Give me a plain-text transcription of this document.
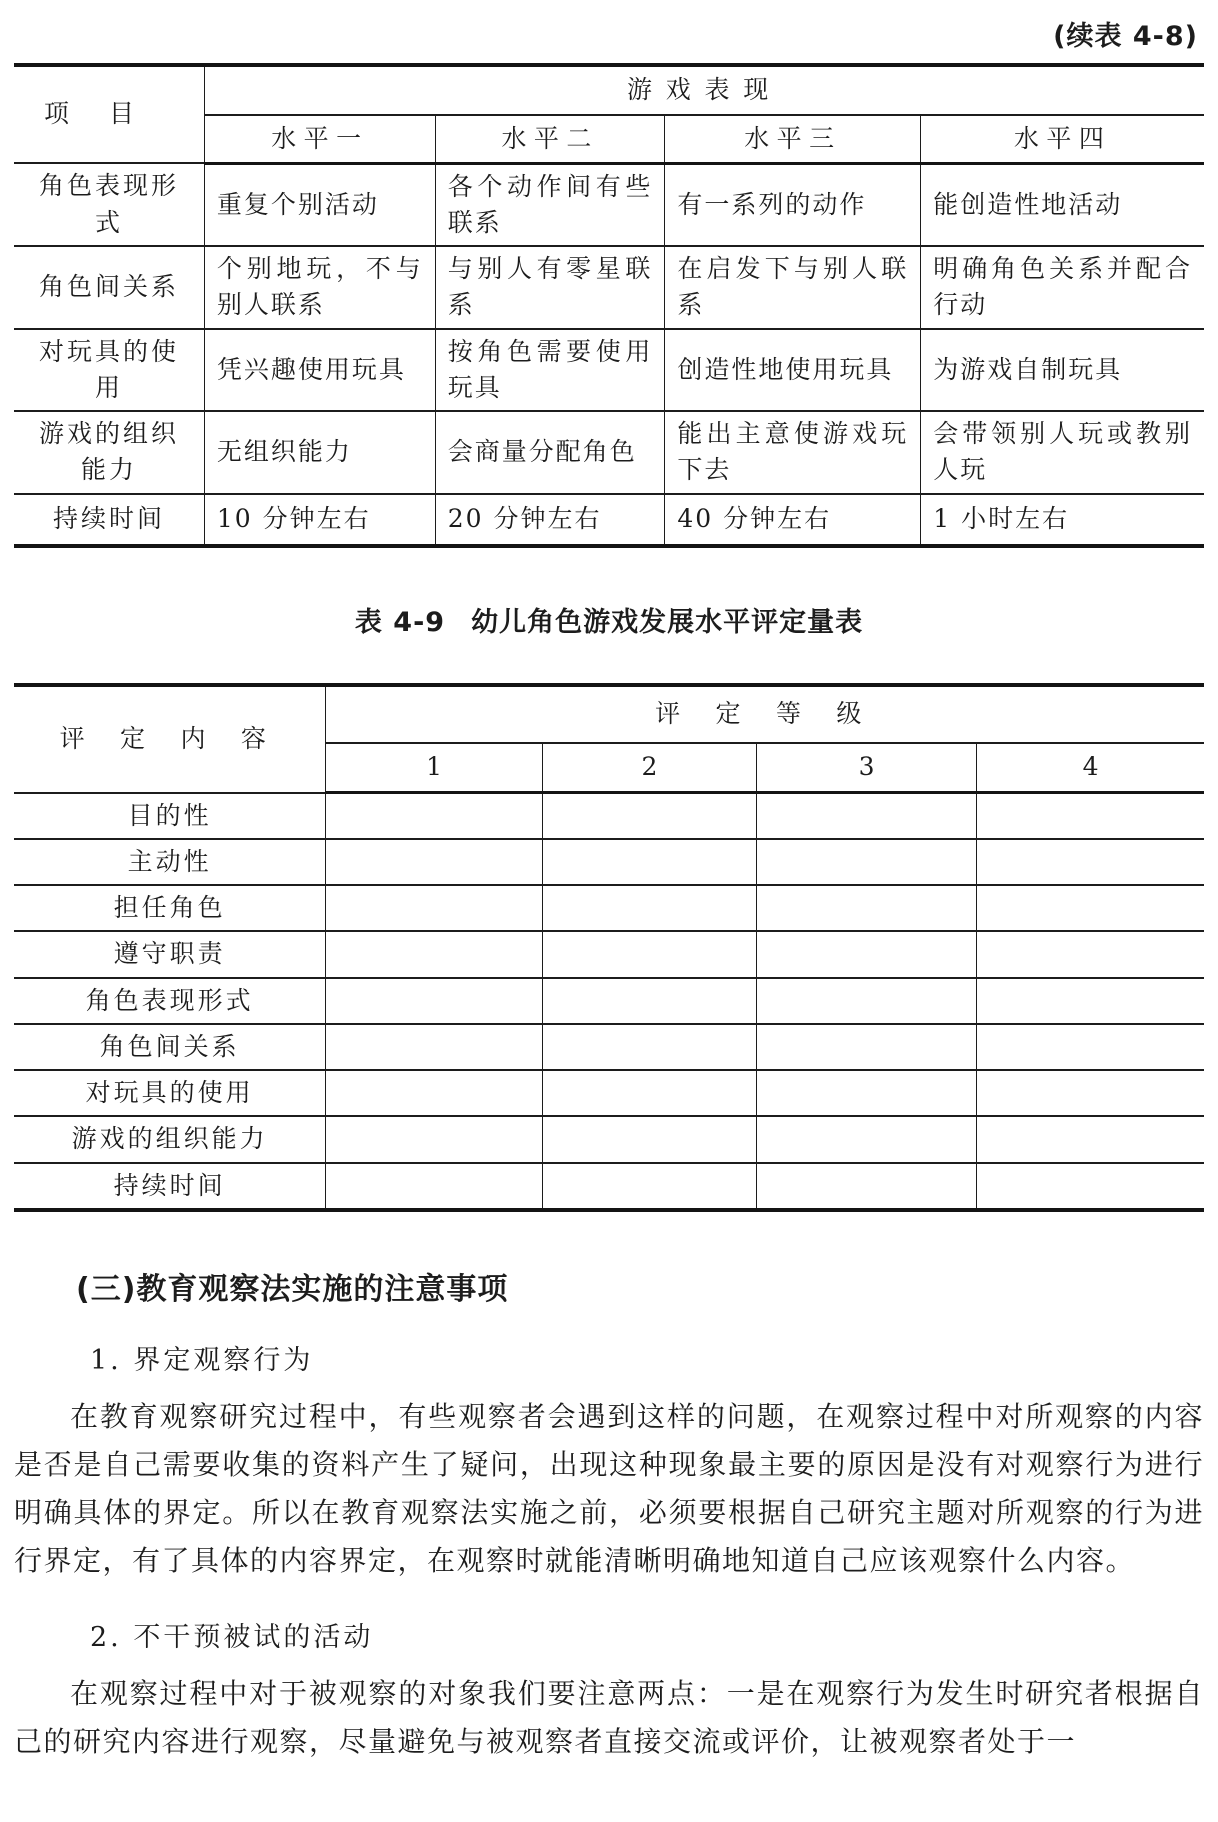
(续表 4-8)
项目	游戏表现			
	水平一	水平二	水平三	水平四
角色表现形式	重复个别活动	各个动作间有些联系	有一系列的动作	能创造性地活动
角色间关系	个别地玩，不与别人联系	与别人有零星联系	在启发下与别人联系	明确角色关系并配合行动
对玩具的使用	凭兴趣使用玩具	按角色需要使用玩具	创造性地使用玩具	为游戏自制玩具
游戏的组织能力	无组织能力	会商量分配角色	能出主意使游戏玩下去	会带领别人玩或教别人玩
持续时间	10 分钟左右	20 分钟左右	40 分钟左右	1 小时左右
表 4-9 幼儿角色游戏发展水平评定量表
评 定 内 容	评 定 等 级			
	1	2	3	4
目的性				
主动性				
担任角色				
遵守职责				
角色表现形式				
角色间关系				
对玩具的使用				
游戏的组织能力				
持续时间				
(三)教育观察法实施的注意事项
1. 界定观察行为

在教育观察研究过程中，有些观察者会遇到这样的问题，在观察过程中对所观察的内容是否是自己需要收集的资料产生了疑问，出现这种现象最主要的原因是没有对观察行为进行明确具体的界定。所以在教育观察法实施之前，必须要根据自己研究主题对所观察的行为进行界定，有了具体的内容界定，在观察时就能清晰明确地知道自己应该观察什么内容。

2. 不干预被试的活动

在观察过程中对于被观察的对象我们要注意两点：一是在观察行为发生时研究者根据自己的研究内容进行观察，尽量避免与被观察者直接交流或评价，让被观察者处于一
